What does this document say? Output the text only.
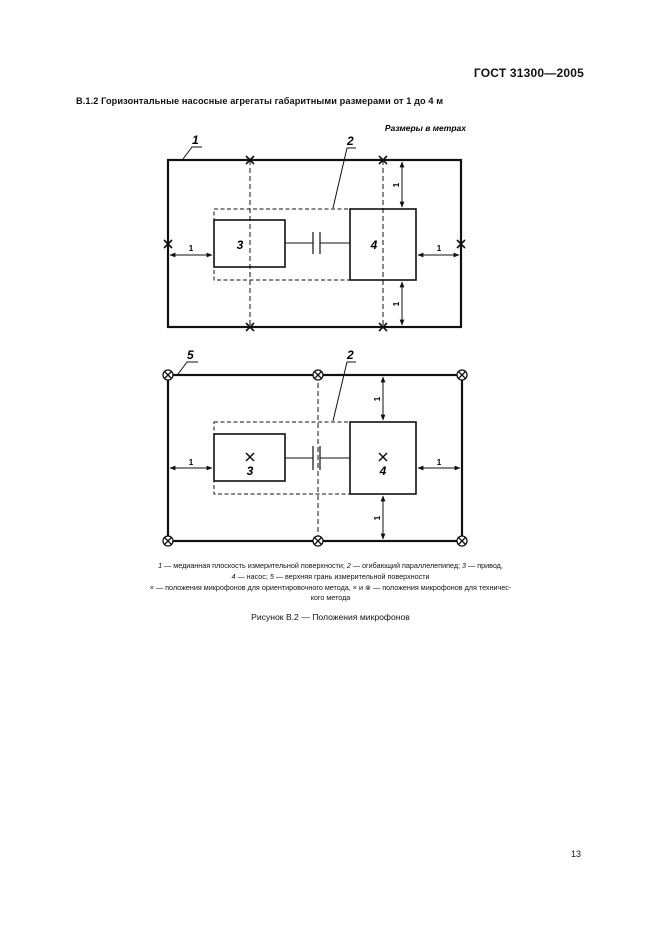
ГОСТ 31300—2005
В.1.2 Горизонтальные насосные агрегаты габаритными размерами от 1 до 4 м
Размеры в метрах
3	4
1	1
1
1
1	2
3	4
1	1
1
1
5	2
1 — медианная плоскость измерительной поверхности; 2 — огибающий параллелепипед; 3 — привод,
4 — насос; 5 — верхняя грань измерительной поверхности
× — положения микрофонов для ориентировочного метода, × и ⊗ — положения микрофонов для техничес-
кого метода
Рисунок В.2 — Положения микрофонов
13
